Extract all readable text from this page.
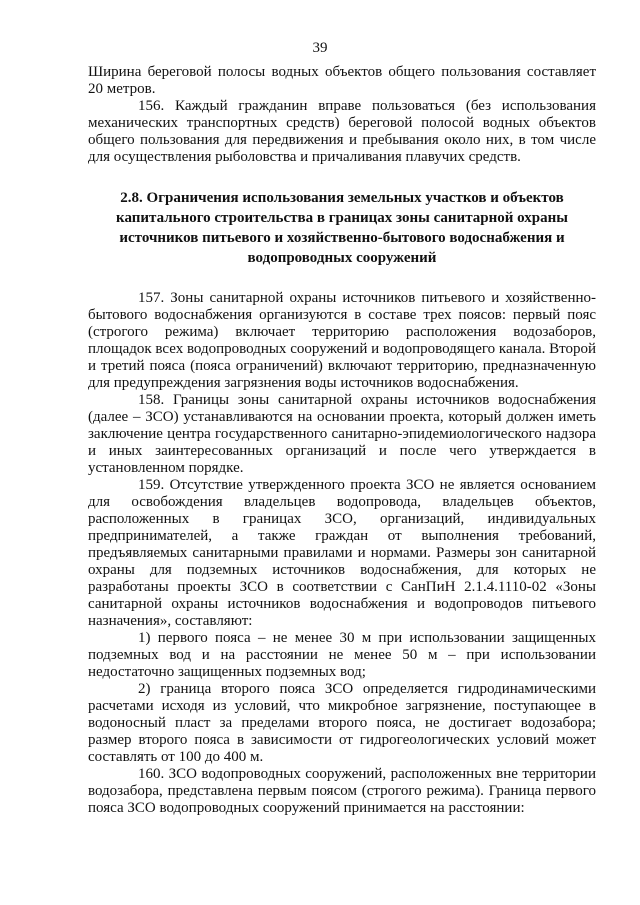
39

Ширина береговой полосы водных объектов общего пользования составляет 20 метров.

156. Каждый гражданин вправе пользоваться (без использования механических транспортных средств) береговой полосой водных объектов общего пользования для передвижения и пребывания около них, в том числе для осуществления рыболовства и причаливания плавучих средств.

2.8. Ограничения использования земельных участков и объектов капитального строительства в границах зоны санитарной охраны источников питьевого и хозяйственно-бытового водоснабжения и водопроводных сооружений

157. Зоны санитарной охраны источников питьевого и хозяйственно-бытового водоснабжения организуются в составе трех поясов: первый пояс (строгого режима) включает территорию расположения водозаборов, площадок всех водопроводных сооружений и водопроводящего канала. Второй и третий пояса (пояса ограничений) включают территорию, предназначенную для предупреждения загрязнения воды источников водоснабжения.

158. Границы зоны санитарной охраны источников водоснабжения (далее – ЗСО) устанавливаются на основании проекта, который должен иметь заключение центра государственного санитарно-эпидемиологического надзора и иных заинтересованных организаций и после чего утверждается в установленном порядке.

159. Отсутствие утвержденного проекта ЗСО не является основанием для освобождения владельцев водопровода, владельцев объектов, расположенных в границах ЗСО, организаций, индивидуальных предпринимателей, а также граждан от выполнения требований, предъявляемых санитарными правилами и нормами. Размеры зон санитарной охраны для подземных источников водоснабжения, для которых не разработаны проекты ЗСО в соответствии с СанПиН 2.1.4.1110-02 «Зоны санитарной охраны источников водоснабжения и водопроводов питьевого назначения», составляют:

1) первого пояса – не менее 30 м при использовании защищенных подземных вод и на расстоянии не менее 50 м – при использовании недостаточно защищенных подземных вод;

2) граница второго пояса ЗСО определяется гидродинамическими расчетами исходя из условий, что микробное загрязнение, поступающее в водоносный пласт за пределами второго пояса, не достигает водозабора; размер второго пояса в зависимости от гидрогеологических условий может составлять от 100 до 400 м.

160. ЗСО водопроводных сооружений, расположенных вне территории водозабора, представлена первым поясом (строгого режима). Граница первого пояса ЗСО водопроводных сооружений принимается на расстоянии:
